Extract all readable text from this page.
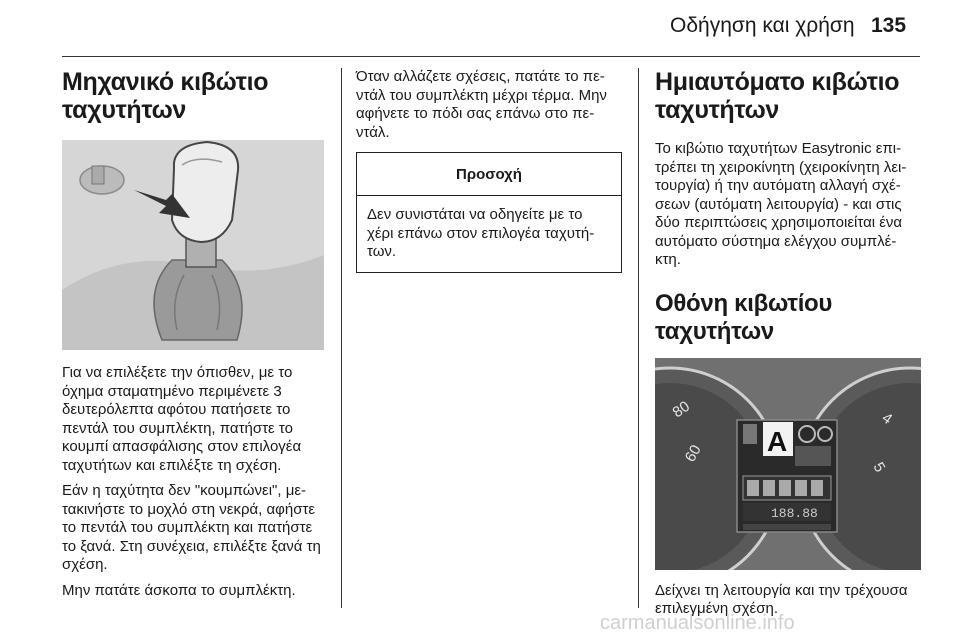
Οδήγηση και χρήση 135
Μηχανικό κιβώτιο ταχυτήτων

Για να επιλέξετε την όπισθεν, με το όχημα σταματημένο περιμένετε 3 δευτερόλεπτα αφότου πατήσετε το πεντάλ του συμπλέκτη, πατήστε το κουμπί απασφάλισης στον επιλογέα ταχυτήτων και επιλέξτε τη σχέση.

Εάν η ταχύτητα δεν "κουμπώνει", με- τακινήστε το μοχλό στη νεκρά, αφήστε το πεντάλ του συμπλέκτη και πατήστε το ξανά. Στη συνέχεια, επιλέξτε ξανά τη σχέση.

Μην πατάτε άσκοπα το συμπλέκτη.

Όταν αλλάζετε σχέσεις, πατάτε το πε- ντάλ του συμπλέκτη μέχρι τέρμα. Μην αφήνετε το πόδι σας επάνω στο πε- ντάλ.

Προσοχή
Δεν συνιστάται να οδηγείτε με το χέρι επάνω στον επιλογέα ταχυτή- των.
Ημιαυτόματο κιβώτιο ταχυτήτων

Το κιβώτιο ταχυτήτων Easytronic επι- τρέπει τη χειροκίνητη (χειροκίνητη λει- τουργία) ή την αυτόματη αλλαγή σχέ- σεων (αυτόματη λειτουργία) - και στις δύο περιπτώσεις χρησιμοποιείται ένα αυτόματο σύστημα ελέγχου συμπλέ- κτη.

Οθόνη κιβωτίου ταχυτήτων
80
60
4
5
A
188.88

Δείχνει τη λειτουργία και την τρέχουσα επιλεγμένη σχέση.

carmanualsonline.info
